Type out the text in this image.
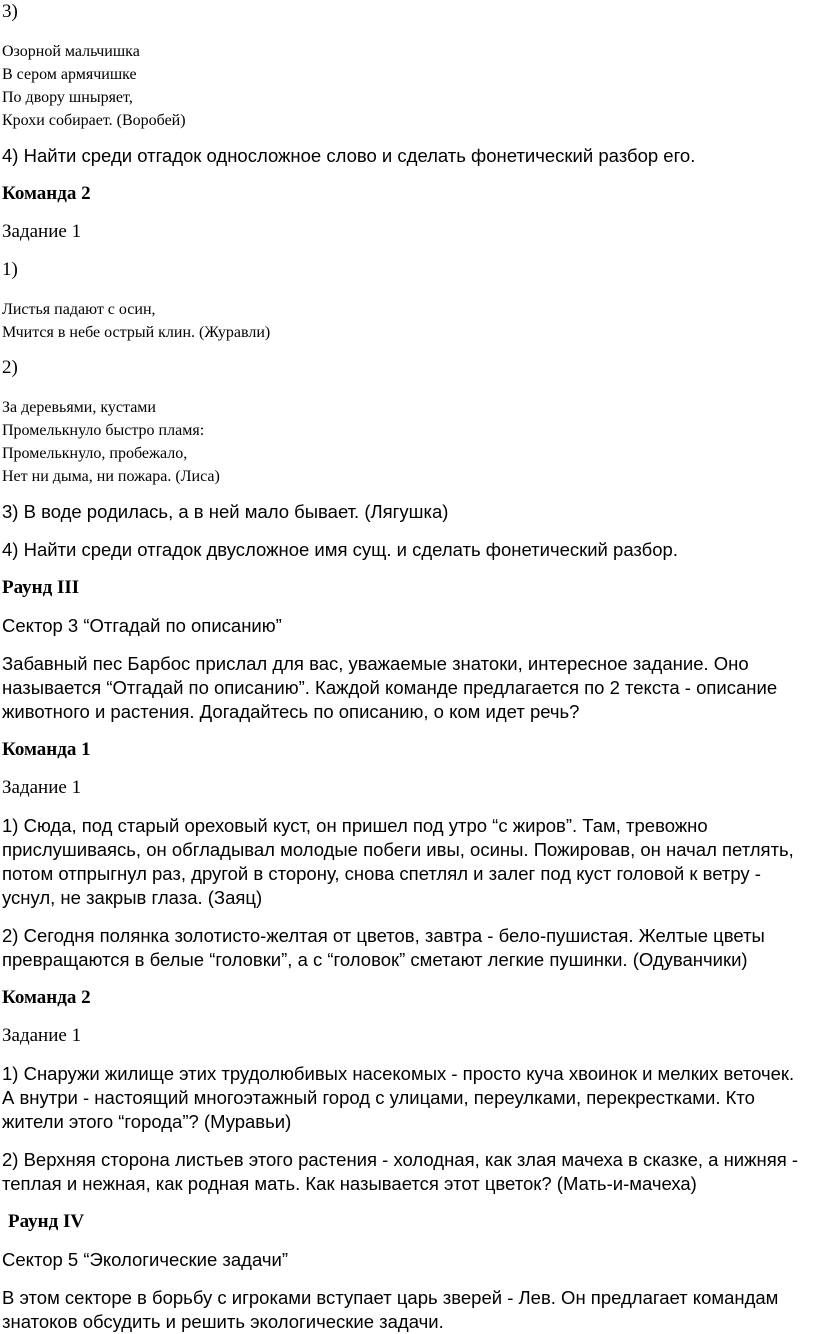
3)

Озорной мальчишка
В сером армячишке
По двору шныряет,
Крохи собирает. (Воробей)

4) Найти среди отгадок односложное слово и сделать фонетический разбор его.

Команда 2

Задание 1

1)

Листья падают с осин,
Мчится в небе острый клин. (Журавли)

2)

За деревьями, кустами
Промелькнуло быстро пламя:
Промелькнуло, пробежало,
Нет ни дыма, ни пожара. (Лиса)

3) В воде родилась, а в ней мало бывает. (Лягушка)

4) Найти среди отгадок двусложное имя сущ. и сделать фонетический разбор.

Раунд III

Сектор 3 “Отгадай по описанию”

Забавный пес Барбос прислал для вас, уважаемые знатоки, интересное задание. Оно называется “Отгадай по описанию”. Каждой команде предлагается по 2 текста - описание животного и растения. Догадайтесь по описанию, о ком идет речь?

Команда 1

Задание 1

1) Сюда, под старый ореховый куст, он пришел под утро “с жиров”. Там, тревожно прислушиваясь, он обгладывал молодые побеги ивы, осины. Пожировав, он начал петлять, потом отпрыгнул раз, другой в сторону, снова спетлял и залег под куст головой к ветру - уснул, не закрыв глаза. (Заяц)

2) Сегодня полянка золотисто-желтая от цветов, завтра - бело-пушистая. Желтые цветы превращаются в белые “головки”, а с “головок” сметают легкие пушинки. (Одуванчики)

Команда 2

Задание 1

1) Снаружи жилище этих трудолюбивых насекомых - просто куча хвоинок и мелких веточек. А внутри - настоящий многоэтажный город с улицами, переулками, перекрестками. Кто жители этого “города”? (Муравьи)

2) Верхняя сторона листьев этого растения - холодная, как злая мачеха в сказке, а нижняя - теплая и нежная, как родная мать. Как называется этот цветок? (Мать-и-мачеха)

Раунд IV

Сектор 5 “Экологические задачи”

В этом секторе в борьбу с игроками вступает царь зверей - Лев. Он предлагает командам знатоков обсудить и решить экологические задачи.
